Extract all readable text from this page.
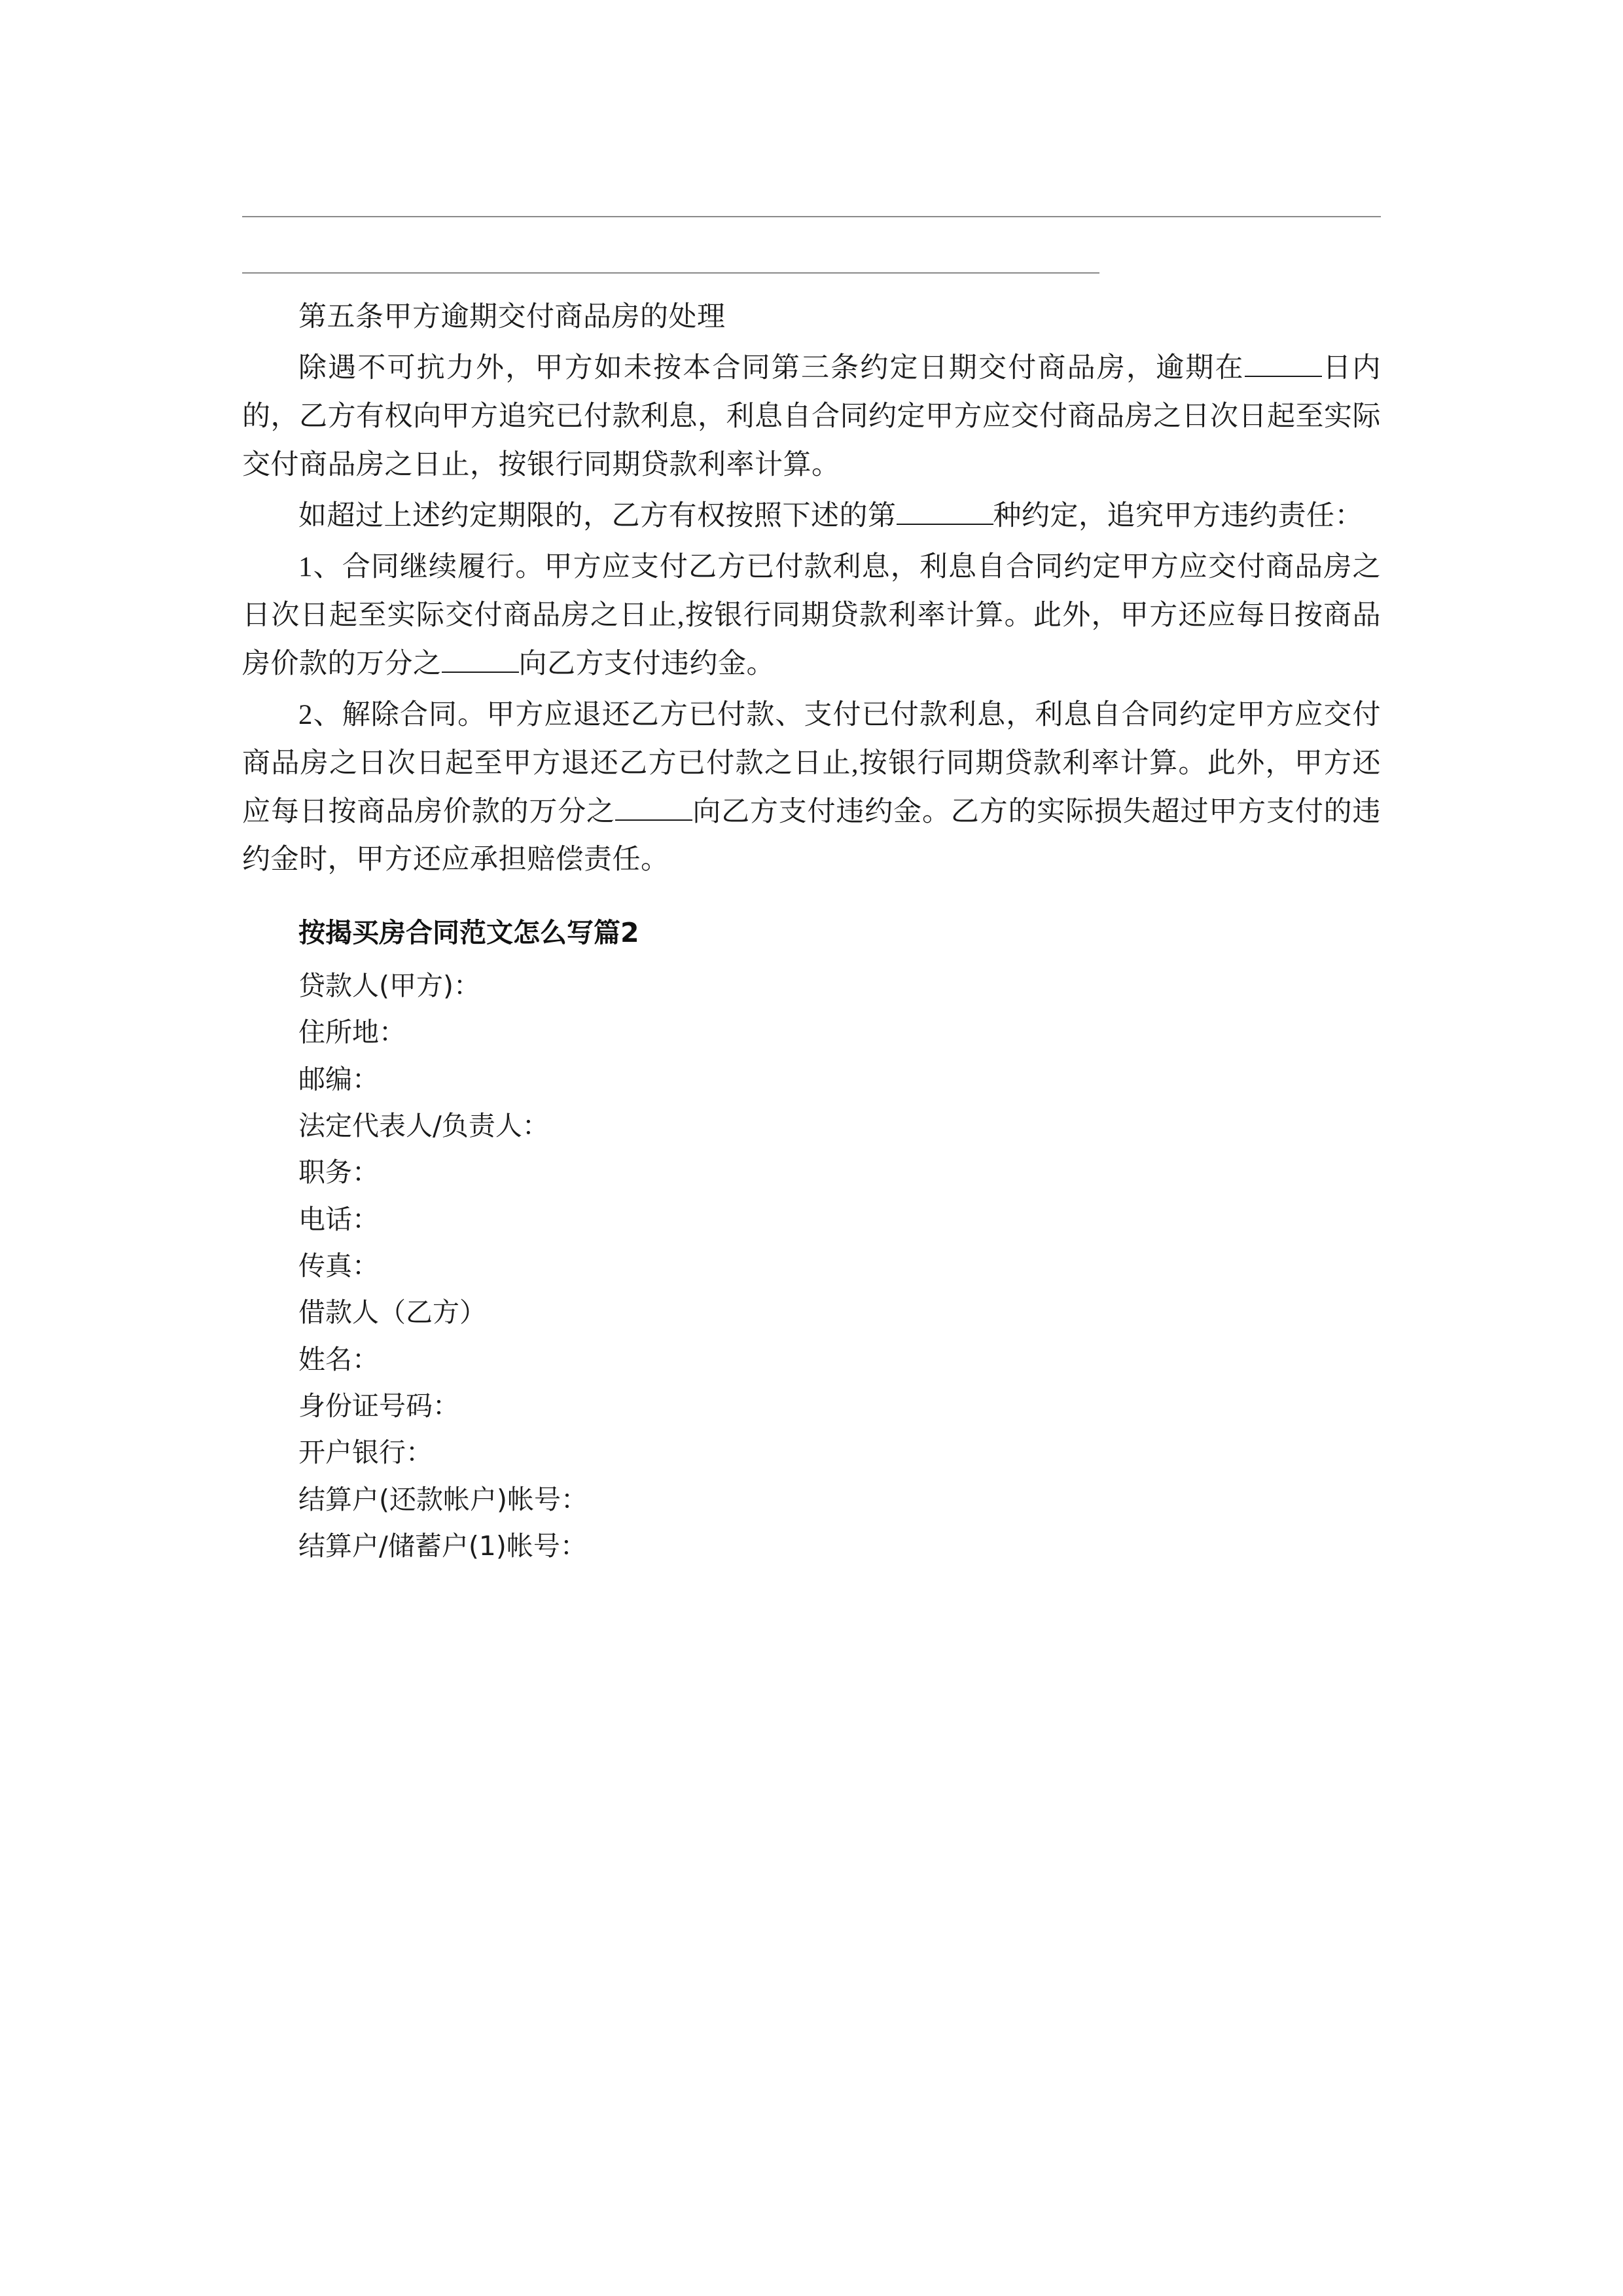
第五条甲方逾期交付商品房的处理

除遇不可抗力外，甲方如未按本合同第三条约定日期交付商品房，逾期在	日内的，乙方有权向甲方追究已付款利息，利息自合同约定甲方应交付商品房之日次日起至实际交付商品房之日止，按银行同期贷款利率计算。

如超过上述约定期限的，乙方有权按照下述的第	种约定，追究甲方违约责任：

1、合同继续履行。甲方应支付乙方已付款利息，利息自合同约定甲方应交付商品房之日次日起至实际交付商品房之日止,按银行同期贷款利率计算。此外，甲方还应每日按商品房价款的万分之	向乙方支付违约金。

2、解除合同。甲方应退还乙方已付款、支付已付款利息，利息自合同约定甲方应交付商品房之日次日起至甲方退还乙方已付款之日止,按银行同期贷款利率计算。此外，甲方还应每日按商品房价款的万分之	向乙方支付违约金。乙方的实际损失超过甲方支付的违约金时，甲方还应承担赔偿责任。

按揭买房合同范文怎么写篇2

贷款人(甲方)：

住所地：

邮编：

法定代表人/负责人：

职务：

电话：

传真：

借款人（乙方）

姓名：

身份证号码：

开户银行：

结算户(还款帐户)帐号：

结算户/储蓄户(1)帐号：
